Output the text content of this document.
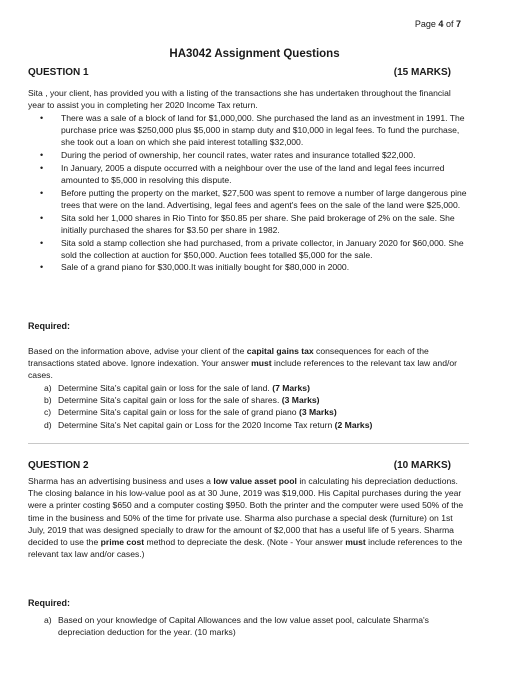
Page 4 of 7
HA3042 Assignment Questions
QUESTION 1	(15 MARKS)
Sita , your client, has provided you with a listing of the transactions she has undertaken throughout the financial year to assist you in completing her 2020 Income Tax return.
• There was a sale of a block of land for $1,000,000. She purchased the land as an investment in 1991. The purchase price was $250,000 plus $5,000 in stamp duty and $10,000 in legal fees. To fund the purchase, she took out a loan on which she paid interest totalling $32,000.
• During the period of ownership, her council rates, water rates and insurance totalled $22,000.
• In January, 2005 a dispute occurred with a neighbour over the use of the land and legal fees incurred amounted to $5,000 in resolving this dispute.
• Before putting the property on the market, $27,500 was spent to remove a number of large dangerous pine trees that were on the land. Advertising, legal fees and agent's fees on the sale of the land were $25,000.
• Sita sold her 1,000 shares in Rio Tinto for $50.85 per share. She paid brokerage of 2% on the sale. She initially purchased the shares for $3.50 per share in 1982.
• Sita sold a stamp collection she had purchased, from a private collector, in January 2020 for $60,000. She sold the collection at auction for $50,000. Auction fees totalled $5,000 for the sale.
• Sale of a grand piano for $30,000.It was initially bought for $80,000 in 2000.
Required:
Based on the information above, advise your client of the capital gains tax consequences for each of the transactions stated above. Ignore indexation. Your answer must include references to the relevant tax law and/or cases.
a) Determine Sita's capital gain or loss for the sale of land. (7 Marks)
b) Determine Sita's capital gain or loss for the sale of shares. (3 Marks)
c) Determine Sita's capital gain or loss for the sale of grand piano (3 Marks)
d) Determine Sita's Net capital gain or Loss for the 2020 Income Tax return (2 Marks)
QUESTION 2	(10 MARKS)
Sharma has an advertising business and uses a low value asset pool in calculating his depreciation deductions. The closing balance in his low-value pool as at 30 June, 2019 was $19,000. His Capital purchases during the year were a printer costing $650 and a computer costing $950. Both the printer and the computer were used 50% of the time in the business and 50% of the time for private use. Sharma also purchase a special desk (furniture) on 1st July, 2019 that was designed specially to draw for the amount of $2,000 that has a useful life of 5 years. Sharma decided to use the prime cost method to depreciate the desk. (Note - Your answer must include references to the relevant tax law and/or cases.)
Required:
a) Based on your knowledge of Capital Allowances and the low value asset pool, calculate Sharma's depreciation deduction for the year. (10 marks)
